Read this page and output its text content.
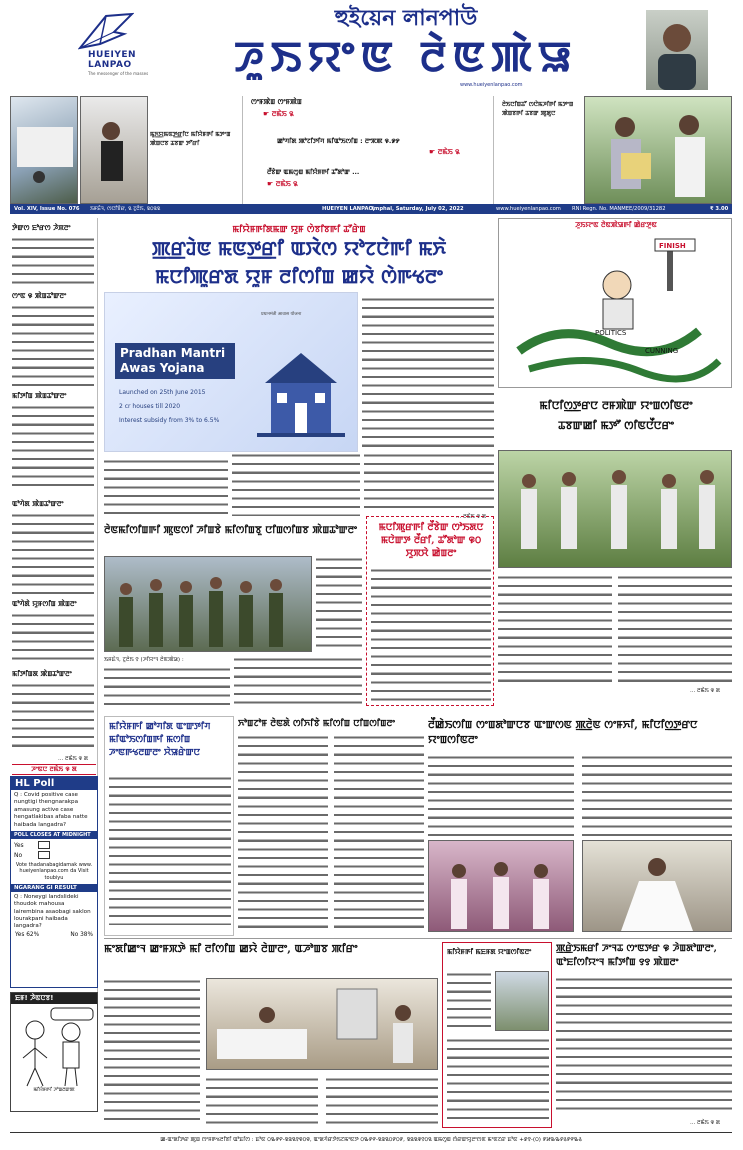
HUEIYEN LANPAO
The messenger of the masses
হুইয়েন লানপাউ
ꯍꯨꯏꯌꯦꯟ ꯂꯥꯟꯄꯥꯎ
www.hueiyenlanpao.com
ꯃꯨꯈ꯭ꯌꯃꯟꯇ꯭ꯔꯤꯅ ꯃꯤꯌꯥꯝꯒꯤ ꯃꯇꯦꯡ ꯄꯥꯡꯅꯕ ꯊꯕꯛ ꯇꯧꯔꯤ
ꯁꯦꯝꯄꯥꯡ ꯁꯦꯝꯄꯥꯡ
☛ ꯂꯃꯥꯏ ꯲
ꯀꯣꯚꯤꯗ ꯄꯣꯖꯤꯇꯤꯚ ꯃꯤꯑꯣꯏꯁꯤꯡ : ꯂꯦꯞꯄ ꯶.꯹꯸
☛ ꯂꯃꯥꯏ ꯲
ꯂꯩꯕꯥꯛ ꯑꯃꯁꯨꯡ ꯃꯤꯌꯥꯝꯒꯤ ꯊꯧꯗꯣꯛ ...
☛ ꯂꯃꯥꯏ ꯲
ꯂꯥꯏꯅꯤꯡꯊꯧ ꯁꯅꯥꯃꯍꯤꯒꯤ ꯃꯇꯦꯡ ꯄꯥꯡꯕꯒꯤ ꯊꯕꯛ ꯄꯨꯗꯨꯅ
Vol. XIV, Issue No. 076 ꯏꯝꯐꯥꯜ, ꯁꯅꯤꯕꯥꯔ, ꯲ ꯖꯨꯂꯥꯏ, ꯲꯰꯲꯲	HUEIYEN LANPAO,
Imphal, Saturday, July 02, 2022	www.hueiyenlanpao.com RNI Regn. No. MANMEE/2009/31282	₹ 3.00
ꯇꯥꯛꯁ ꯐꯣꯔꯁ ꯍꯥꯞꯂꯦ
ꯁꯦꯟ ꯶ ꯄꯥꯡꯊꯣꯛꯂꯦ
ꯃꯤꯇꯤꯡ ꯄꯥꯡꯊꯣꯛꯂꯦ
ꯑꯣꯚꯥꯗ ꯄꯥꯡꯊꯣꯛꯂꯦ
ꯑꯣꯚꯥꯗꯥ ꯌꯨꯝꯁꯤꯡ ꯄꯥꯡꯂꯦ
ꯃꯤꯇꯤꯡꯗ ꯄꯥꯡꯊꯣꯛꯂꯦ
... ꯂꯃꯥꯏ ꯶ ꯗ
ꯍꯦꯟꯅ ꯂꯃꯥꯏ ꯶ ꯗ
HL Poll
Q : Covid positive case nungtigi thengnarakpa amasung active case hengatlakibas afaba natte haibada langadra?
POLL CLOSES AT MIDNIGHT
Yes
No
Vote thadanabagidamak www. hueiyenlanpao.com da Visit toubiyu
NGARANG GI RESULT
Q : Noneygi landslideki thoudok mahousa lairembina asaobagi saklon lourakpani haibada langadra?
Yes 62%	No 38%
ꯐꯝ! ꯍꯥꯟꯅꯕ!
ꯃꯤꯌꯥꯝꯒꯤ ꯍꯣꯡꯂꯛꯄ
ꯃꯤꯌꯥꯝꯒꯤꯗꯃꯛ ꯌꯨꯝ ꯁꯥꯕꯤꯕꯒꯤ ꯊꯧꯔꯥꯡ
ꯄ꯭ꯔꯙꯥꯟ ꯃꯟꯇ꯭ꯔꯤ ꯑꯋꯥꯁ ꯌꯣꯖꯅꯥꯒꯤ ꯃꯈꯥ
ꯃꯅꯤꯄꯨꯔꯗ ꯌꯨꯝ ꯂꯤꯁꯤꯡ ꯀꯌꯥ ꯁꯥꯒꯠꯂꯦ
Pradhan Mantri Awas Yojana
Launched on 25th June 2015
2 cr houses till 2020
Interest subsidy from 3% to 6.5%
प्रधानमंत्री आवास योजना
... ꯂꯃꯥꯏ ꯶ ꯗ
ꯂꯥꯟꯃꯤꯁꯤꯡꯒꯤ ꯄꯨꯟꯁꯤ ꯍꯤꯡꯕꯥ ꯃꯤꯁꯤꯡꯕꯨ ꯅꯤꯡꯁꯤꯡꯕ ꯄꯥꯡꯊꯣꯛꯂꯦ
ꯏꯝꯐꯥꯜ, ꯖꯨꯂꯥꯏ ꯱ (ꯍꯤꯌꯦꯜ ꯂꯥꯟꯄꯥꯎ) :
ꯃꯅꯤꯄꯨꯔꯒꯤ ꯂꯩꯕꯥꯛ ꯁꯣꯏꯗꯅ ꯃꯅꯥꯛꯇ ꯂꯩꯔꯤ, ꯊꯧꯗꯣꯛ ꯶꯰ ꯆꯨꯞꯆꯥ ꯀꯥꯡꯂꯦ
ꯍꯨꯏꯌꯦꯟ ꯂꯥꯟꯄꯥꯎꯒꯤ ꯀꯥꯔꯇꯨꯟ
FINISH
CUNNING
POLITICS
ꯃꯤꯅꯤꯁ꯭ꯇꯔꯅ ꯂꯝꯄꯥꯛ ꯌꯦꯡꯁꯤꯟꯂꯦ
ꯊꯕꯛꯀꯤ ꯃꯇꯧ ꯁꯤꯟꯅꯩꯅꯔꯦ
... ꯂꯃꯥꯏ ꯶ ꯗ
ꯃꯤꯌꯥꯝꯒꯤ ꯀꯣꯚꯤꯗ ꯑꯦꯛꯇꯤꯚ ꯃꯤꯑꯣꯏꯁꯤꯡꯒꯤ ꯃꯁꯤꯡ ꯍꯦꯟꯒꯠꯂꯛꯂꯦ ꯆꯥꯎꯔꯥꯛꯅ
ꯈꯣꯡꯖꯣꯝ ꯂꯥꯟꯗꯥ ꯁꯤꯈꯤꯕꯥ ꯃꯤꯁꯤꯡ ꯅꯤꯡꯁꯤꯡꯂꯦ	ꯂꯩꯀꯥꯏꯁꯤꯡ ꯁꯦꯡꯗꯣꯛꯅꯕ ꯑꯦꯛꯁꯟ ꯄ꯭ꯂꯥꯟ ꯁꯦꯝꯈꯤ, ꯃꯤꯅꯤꯁ꯭ꯇꯔꯅ ꯌꯦꯡꯁꯤꯟꯂꯦ
ꯃꯦꯗꯤꯀꯦꯜ ꯀꯦꯝꯞꯇꯥ ꯃꯤ ꯂꯤꯁꯤꯡ ꯀꯌꯥ ꯂꯥꯛꯂꯦ, ꯑꯍꯣꯡꯕ ꯄꯤꯔꯦ	ꯃꯤꯌꯥꯝꯒꯤ ꯃꯐꯝꯗ ꯌꯦꯡꯁꯤꯟꯂꯦ	ꯄ꯭ꯔꯥꯏꯃꯔꯤ ꯍꯦꯜꯊ ꯁꯦꯟꯇꯔ ꯶ ꯍꯥꯡꯗꯣꯛꯂꯦ, ꯑꯣꯐꯤꯁꯤꯌꯦꯜ ꯃꯤꯇꯤꯡ ꯱꯱ ꯄꯥꯡꯂꯦ
... ꯂꯃꯥꯏ ꯶ ꯗ
ꯀ-ꯑꯦꯗꯤꯇꯔ ꯄꯨꯡ ꯁꯦꯝꯒꯠꯂꯤꯕꯤ ꯑꯣꯐꯤꯁ : ꯐꯣꯟ ꯰꯳꯸꯵-꯲꯲꯲꯱꯶꯰꯶, ꯑꯦꯗꯚꯥꯔꯇꯥꯏꯖꯃꯦꯟꯇ ꯰꯳꯸꯵-꯲꯲꯲꯰꯸꯰꯸, ꯲꯲꯲꯶꯱꯰꯲ ꯑꯃꯁꯨꯡ ꯁꯥꯔꯛꯌꯨꯂꯦꯁꯟ ꯃꯦꯟꯖꯔ ꯐꯣꯟ +꯹꯱-(꯰) ꯸꯷꯳꯳꯸꯴꯸꯵꯳꯴
